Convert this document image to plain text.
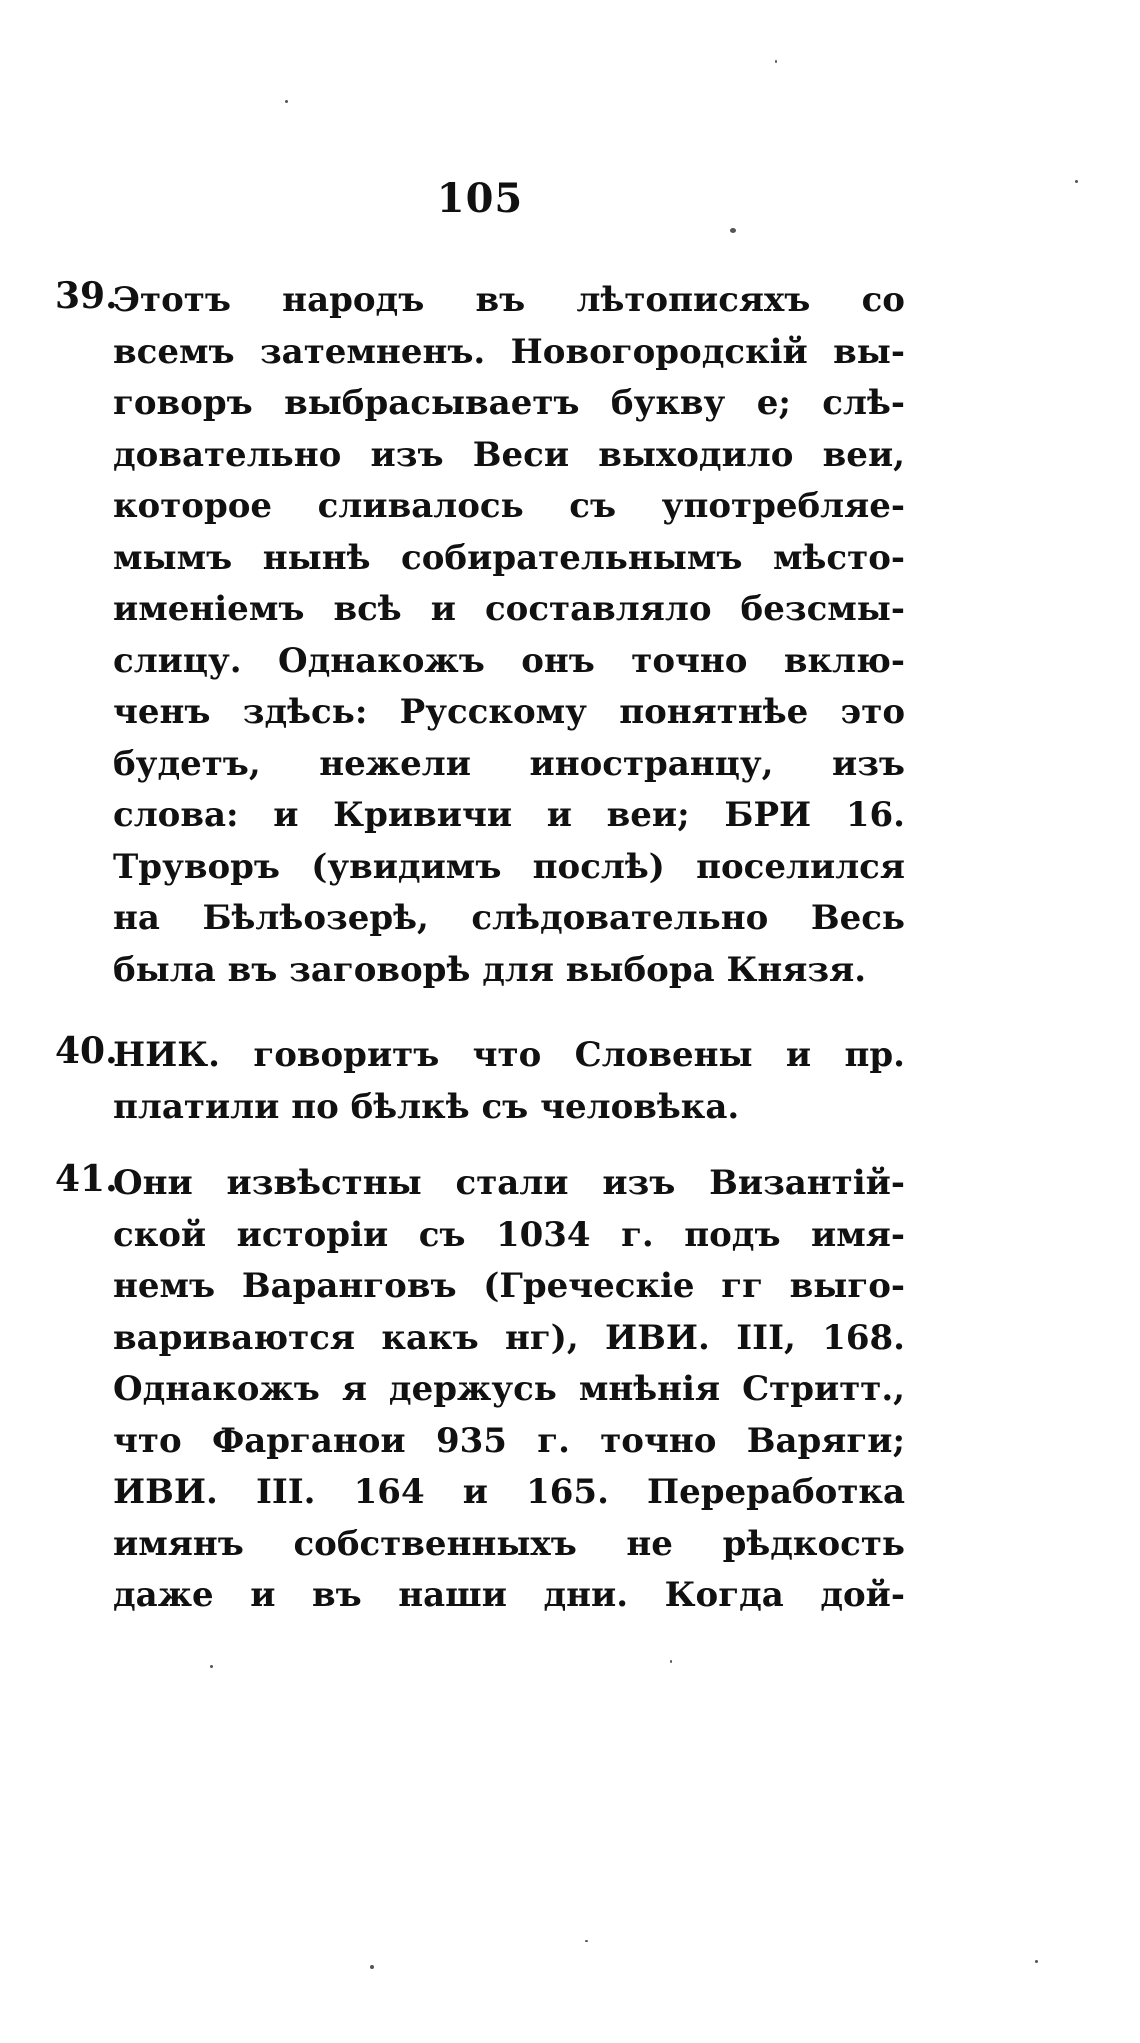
105
39.
Этотъ народъ въ лѣтописяхъ со
всемъ затемненъ. Новогородскій вы-
говоръ выбрасываетъ букву е; слѣ-
довательно изъ Веси выходило веи,
которое сливалось съ употребляе-
мымъ нынѣ собирательнымъ мѣсто-
именіемъ всѣ и составляло безсмы-
слицу. Однакожъ онъ точно вклю-
ченъ здѣсь: Русскому понятнѣе это
будетъ, нежели иностранцу, изъ
слова: и Кривичи и веи; БРИ 16.
Труворъ (увидимъ послѣ) поселился
на Бѣлѣозерѣ, слѣдовательно Весь
была въ заговорѣ для выбора Князя.
40.
НИК. говоритъ что Словены и пр.
платили по бѣлкѣ съ человѣка.
41.
Они извѣстны стали изъ Византій-
ской исторіи съ 1034 г. подъ имя-
немъ Варанговъ (Греческіе гг выго-
вариваются какъ нг), ИВИ. III, 168.
Однакожъ я держусь мнѣнія Стритт.,
что Фарганои 935 г. точно Варяги;
ИВИ. III. 164 и 165. Переработка
имянъ собственныхъ не рѣдкость
даже и въ наши дни. Когда дой-
